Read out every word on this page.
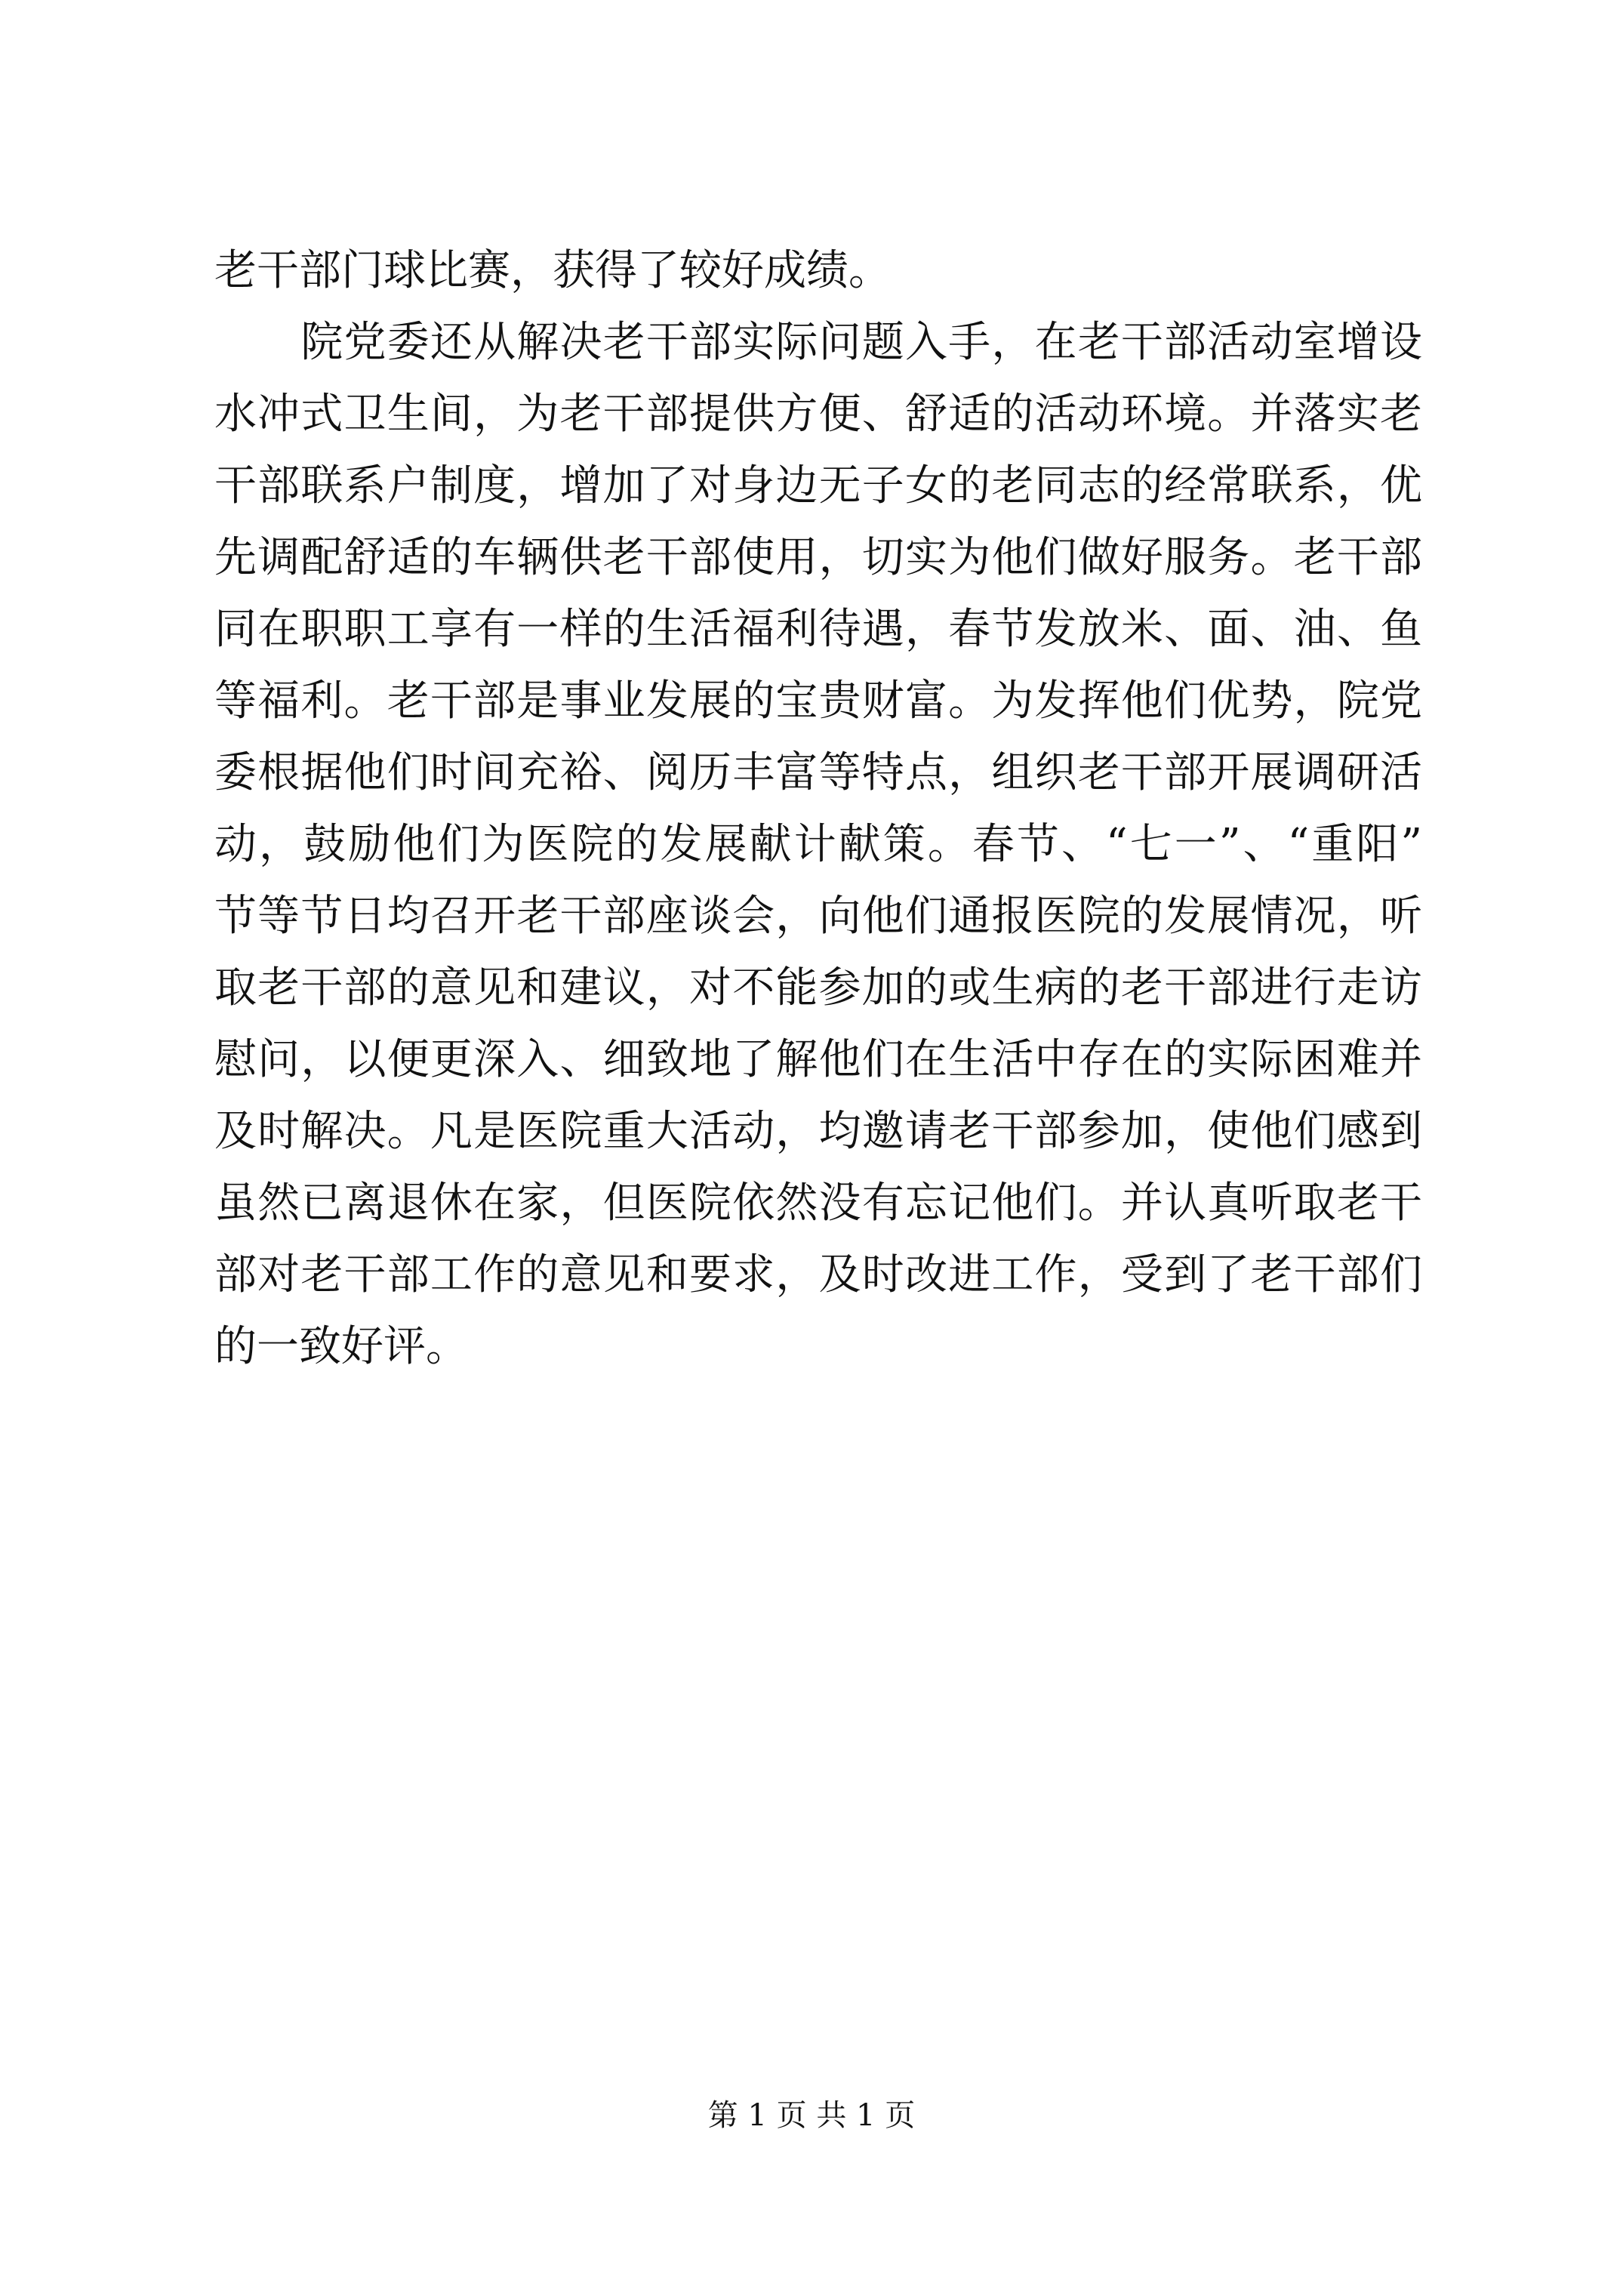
老干部门球比赛，获得了较好成绩。
　　院党委还从解决老干部实际问题入手，在老干部活动室增设
水冲式卫生间，为老干部提供方便、舒适的活动环境。并落实老
干部联系户制度，增加了对身边无子女的老同志的经常联系，优
先调配舒适的车辆供老干部使用，切实为他们做好服务。老干部
同在职职工享有一样的生活福利待遇，春节发放米、面、油、鱼
等福利。老干部是事业发展的宝贵财富。为发挥他们优势，院党
委根据他们时间充裕、阅历丰富等特点，组织老干部开展调研活
动，鼓励他们为医院的发展献计献策。春节、“七一”、“重阳”
节等节日均召开老干部座谈会，向他们通报医院的发展情况，听
取老干部的意见和建议，对不能参加的或生病的老干部进行走访
慰问，以便更深入、细致地了解他们在生活中存在的实际困难并
及时解决。凡是医院重大活动，均邀请老干部参加，使他们感到
虽然已离退休在家，但医院依然没有忘记他们。并认真听取老干
部对老干部工作的意见和要求，及时改进工作，受到了老干部们
的一致好评。
第 1 页 共 1 页
